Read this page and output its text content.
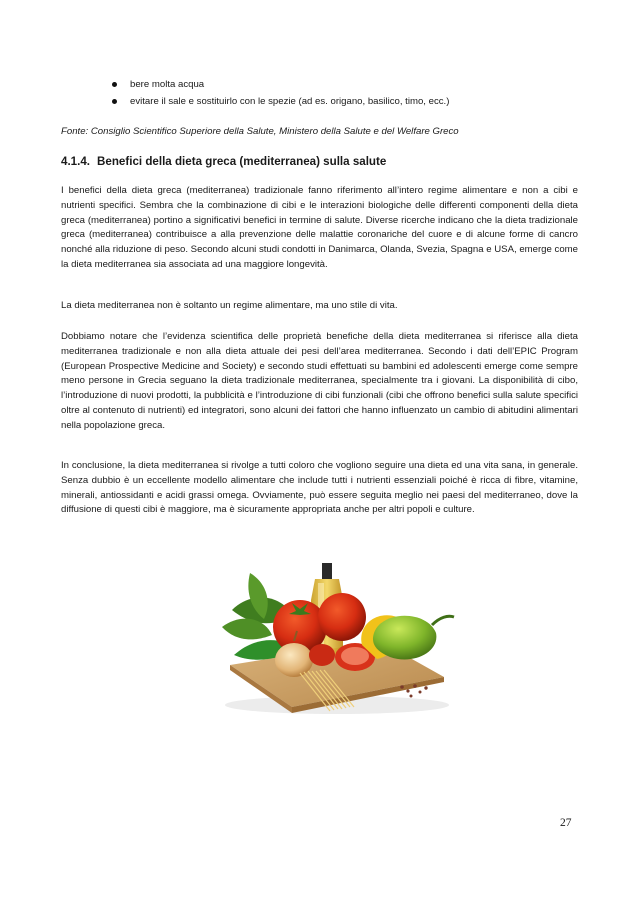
bere molta acqua
evitare il sale e sostituirlo con le spezie (ad es. origano, basilico, timo, ecc.)
Fonte: Consiglio Scientifico Superiore della Salute, Ministero della Salute e del Welfare Greco
4.1.4. Benefici della dieta greca (mediterranea) sulla salute

I benefici della dieta greca (mediterranea) tradizionale fanno riferimento all’intero regime alimentare e non a cibi e nutrienti specifici. Sembra che la combinazione di cibi e le interazioni biologiche delle differenti componenti della dieta greca (mediterranea) portino a significativi benefici in termine di salute. Diverse ricerche indicano che la dieta tradizionale greca (mediterranea) contribuisce a alla prevenzione delle malattie coronariche del cuore e di alcune forme di cancro nonché alla riduzione di peso. Secondo alcuni studi condotti in Danimarca, Olanda, Svezia, Spagna e USA, emerge come la dieta mediterranea sia associata ad una maggiore longevità.

La dieta mediterranea non è soltanto un regime alimentare, ma uno stile di vita.

Dobbiamo notare che l’evidenza scientifica delle proprietà benefiche della dieta mediterranea si riferisce alla dieta mediterranea tradizionale e non alla dieta attuale dei pesi dell’area mediterranea. Secondo i dati dell’EPIC Program (European Prospective Medicine and Society) e secondo studi effettuati su bambini ed adolescenti emerge come sempre meno persone in Grecia seguano la dieta tradizionale mediterranea, specialmente tra i giovani. La disponibilità di cibo, l’introduzione di nuovi prodotti, la pubblicità e l’introduzione di cibi funzionali (cibi che offrono benefici sulla salute specifici oltre al contenuto di nutrienti) ed integratori, sono alcuni dei fattori che hanno influenzato un cambio di abitudini alimentari nella popolazione greca.

In conclusione, la dieta mediterranea si rivolge a tutti coloro che vogliono seguire una dieta ed una vita sana, in generale. Senza dubbio è un eccellente modello alimentare che include tutti i nutrienti essenziali poiché è ricca di fibre, vitamine, minerali, antiossidanti e acidi grassi omega. Ovviamente, può essere seguita meglio nei paesi del mediterraneo, dove la diffusione di questi cibi è maggiore, ma è sicuramente appropriata anche per altri popoli e culture.

27
